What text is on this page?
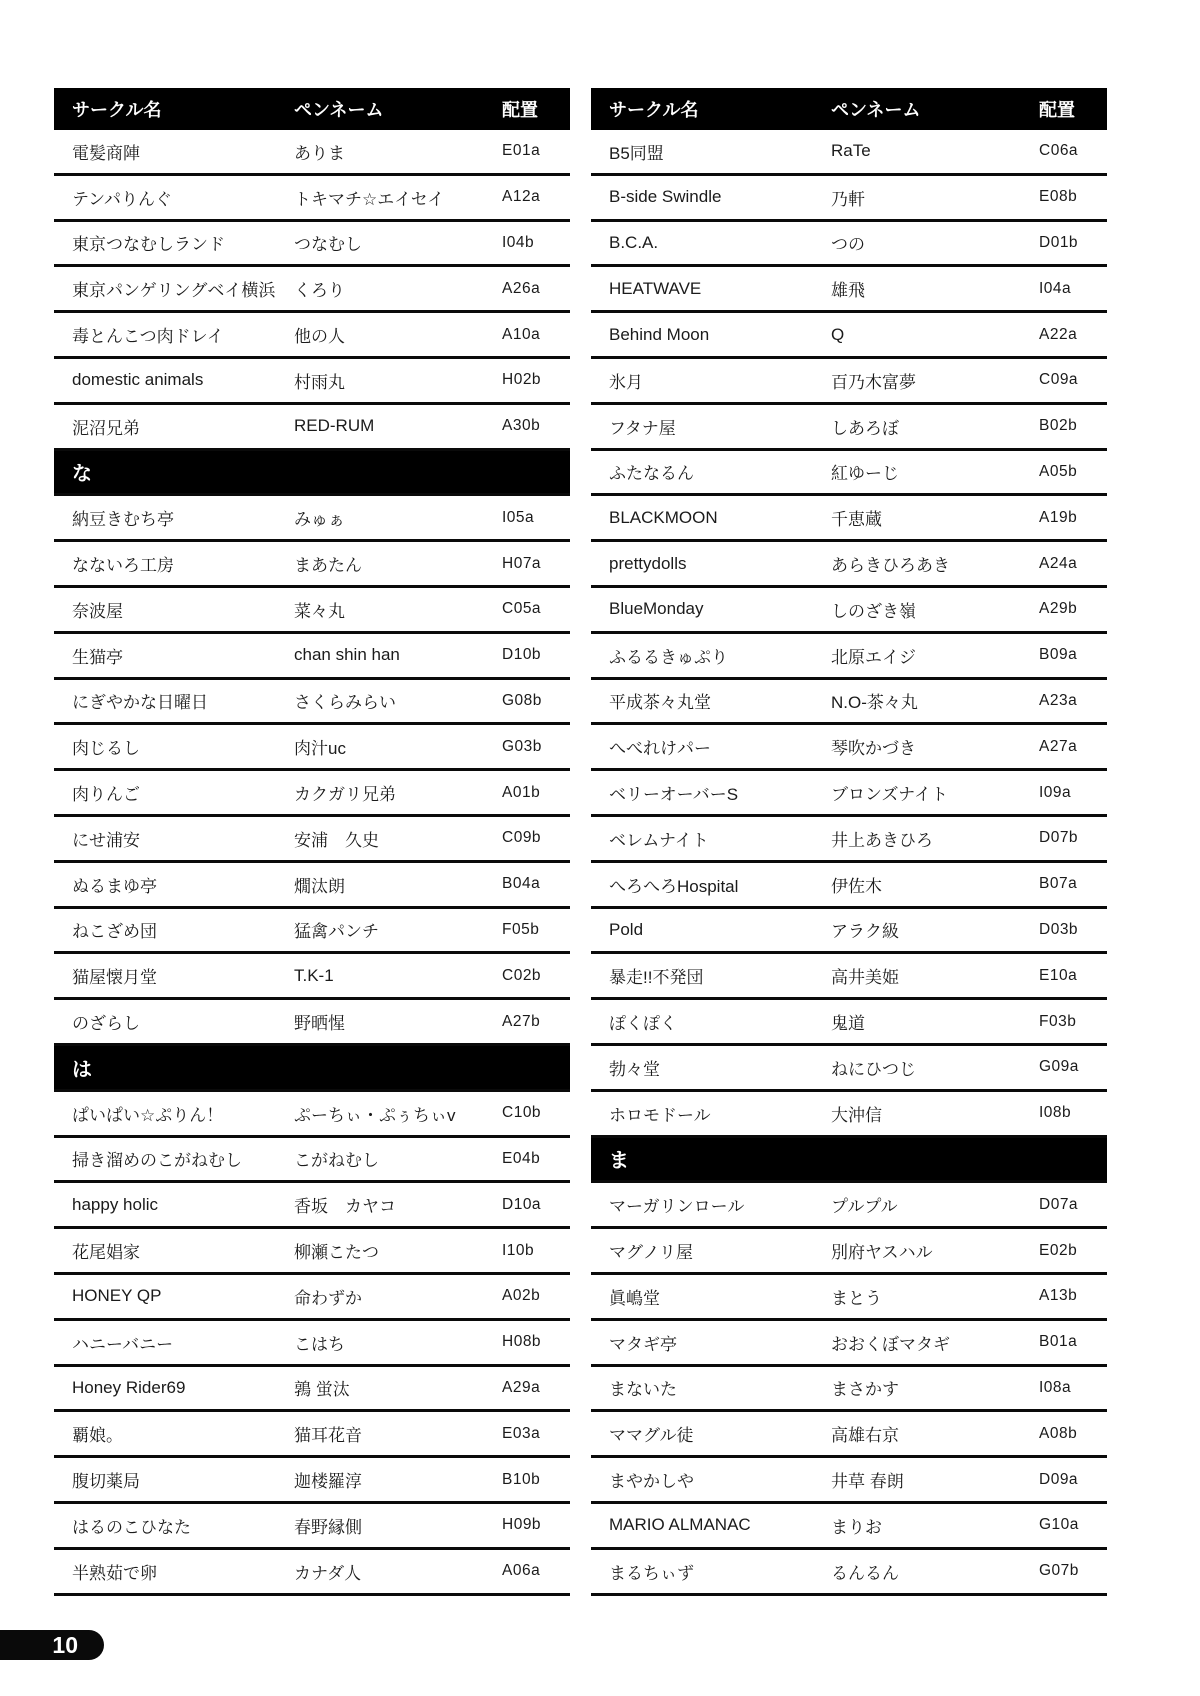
サークル名	ペンネーム	配置
電髪商陣	ありま	E01a
テンパりんぐ	トキマチ☆エイセイ	A12a
東京つなむしランド	つなむし	I04b
東京パンゲリングベイ横浜	くろり	A26a
毒とんこつ肉ドレイ	他の人	A10a
domestic animals	村雨丸	H02b
泥沼兄弟	RED-RUM	A30b
な
納豆きむち亭	みゅぁ	I05a
なないろ工房	まあたん	H07a
奈波屋	菜々丸	C05a
生猫亭	chan shin han	D10b
にぎやかな日曜日	さくらみらい	G08b
肉じるし	肉汁uc	G03b
肉りんご	カクガリ兄弟	A01b
にせ浦安	安浦　久史	C09b
ぬるまゆ亭	燗汰朗	B04a
ねこざめ団	猛禽パンチ	F05b
猫屋懐月堂	T.K-1	C02b
のざらし	野晒惺	A27b
は
ぱいぱい☆ぷりん！	ぷーちぃ・ぷぅちぃv	C10b
掃き溜めのこがねむし	こがねむし	E04b
happy holic	香坂　カヤコ	D10a
花尾娼家	柳瀬こたつ	I10b
HONEY QP	命わずか	A02b
ハニーバニー	こはち	H08b
Honey Rider69	鶉 蛍汰	A29a
覇娘。	猫耳花音	E03a
腹切薬局	迦楼羅淳	B10b
はるのこひなた	春野縁側	H09b
半熟茹で卵	カナダ人	A06a
サークル名	ペンネーム	配置
B5同盟	RaTe	C06a
B-side Swindle	乃軒	E08b
B.C.A.	つの	D01b
HEATWAVE	雄飛	I04a
Behind Moon	Q	A22a
氷月	百乃木富夢	C09a
フタナ屋	しあろぼ	B02b
ふたなるん	紅ゆーじ	A05b
BLACKMOON	千恵蔵	A19b
prettydolls	あらきひろあき	A24a
BlueMonday	しのざき嶺	A29b
ふるるきゅぷり	北原エイジ	B09a
平成茶々丸堂	N.O-茶々丸	A23a
へべれけパー	琴吹かづき	A27a
ベリーオーバーS	ブロンズナイト	I09a
ベレムナイト	井上あきひろ	D07b
へろへろHospital	伊佐木	B07a
Pold	アラク級	D03b
暴走!!不発団	高井美姫	E10a
ぽくぽく	鬼道	F03b
勃々堂	ねにひつじ	G09a
ホロモドール	大沖信	I08b
ま
マーガリンロール	プルプル	D07a
マグノリ屋	別府ヤスハル	E02b
眞嶋堂	まとう	A13b
マタギ亭	おおくぼマタギ	B01a
まないた	まさかす	I08a
ママグル徒	高雄右京	A08b
まやかしや	井草 春朗	D09a
MARIO ALMANAC	まりお	G10a
まるちぃず	るんるん	G07b
10
